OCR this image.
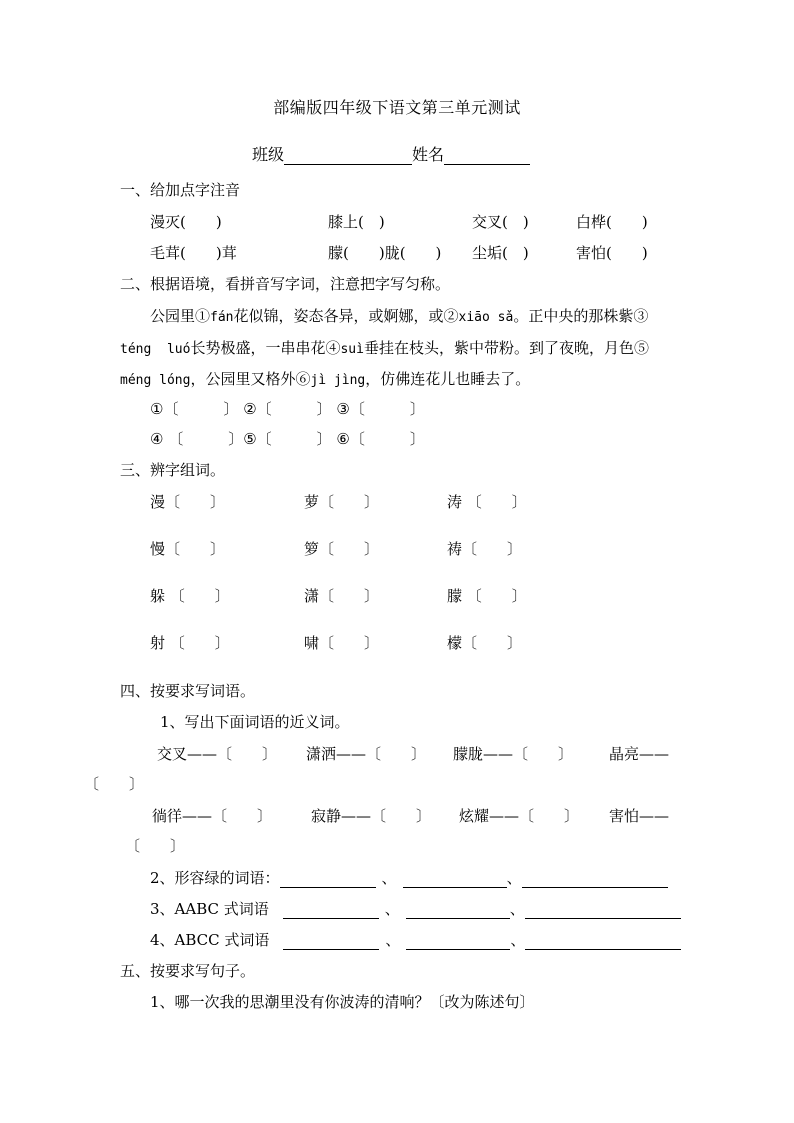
部编版四年级下语文第三单元测试
班级	姓名
一、给加点字注音
漫灭(　　)	膝上(　)	交叉(　)	白桦(　　)
毛茸(　　)茸	朦(　　)胧(　　) 尘垢(　)	害怕(　　)
二、根据语境，看拼音写字词，注意把字写匀称。
公园里①fán花似锦，姿态各异，或婀娜，或②xiāo sǎ。正中央的那株紫③
téng  luó长势极盛，一串串花④suì垂挂在枝头，紫中带粉。到了夜晚，月色⑤
méng lóng，公园里又格外⑥jì jìng，仿佛连花儿也睡去了。
①〔　　　〕 ②〔　　　〕 ③〔　　　〕
④ 〔　　　〕⑤〔　　　〕 ⑥〔　　　〕
三、辨字组词。
漫〔　　〕	萝〔　　〕	涛 〔　　〕
慢〔　　〕	箩〔　　〕	祷〔　　〕
躲 〔　　〕	潇〔　　〕	朦 〔　　〕
射 〔　　〕	啸〔　　〕	檬〔　　〕
四、按要求写词语。
1、写出下面词语的近义词。
交叉——〔　　〕 潇洒——〔　　〕 朦胧——〔　　〕 晶亮——
〔　　〕
徜徉——〔　　〕	寂静——〔　　〕 炫耀——〔　　〕 害怕——
〔　　〕
2、形容绿的词语：	、	、
3、AABC 式词语	、	、
4、ABCC 式词语	、	、
五、按要求写句子。
1、哪一次我的思潮里没有你波涛的清响？〔改为陈述句〕
